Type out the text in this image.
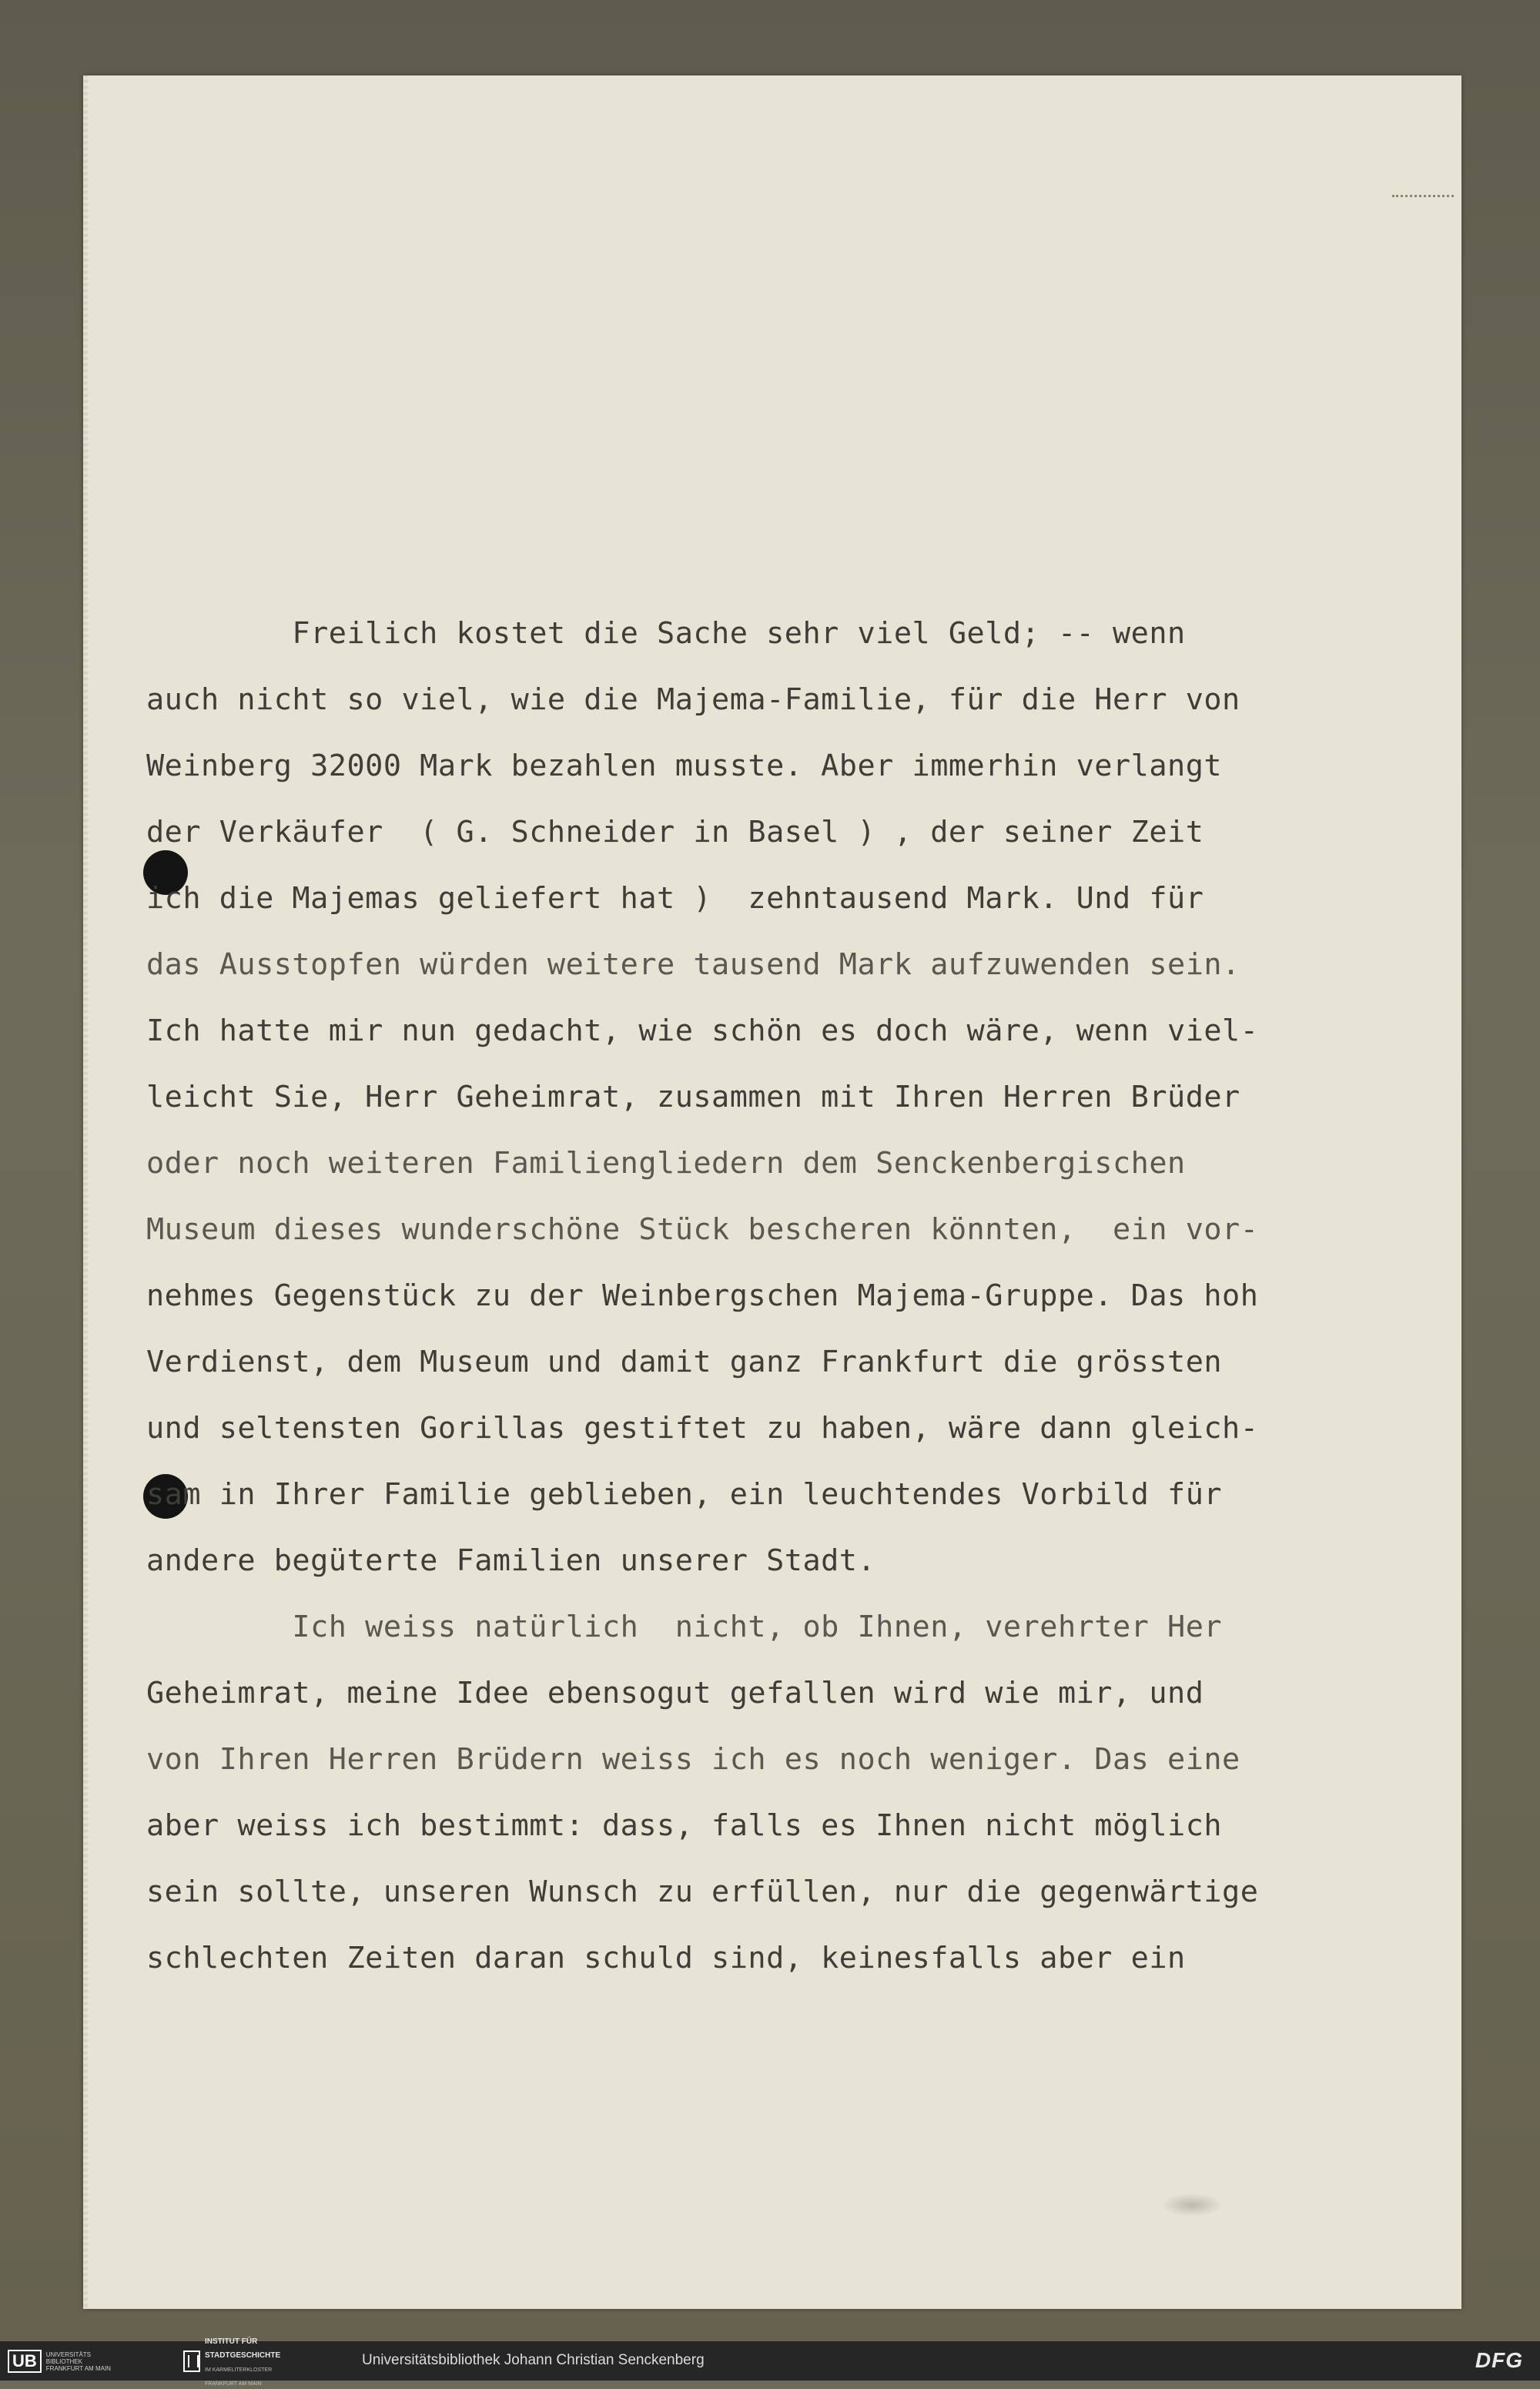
Freilich kostet die Sache sehr viel Geld; -- wenn
auch nicht so viel, wie die Majema-Familie, für die Herr von
Weinberg 32000 Mark bezahlen musste. Aber immerhin verlangt
der Verkäufer  ( G. Schneider in Basel ) , der seiner Zeit
ich die Majemas geliefert hat )  zehntausend Mark. Und für
das Ausstopfen würden weitere tausend Mark aufzuwenden sein.
Ich hatte mir nun gedacht, wie schön es doch wäre, wenn viel-
leicht Sie, Herr Geheimrat, zusammen mit Ihren Herren Brüder
oder noch weiteren Familiengliedern dem Senckenbergischen
Museum dieses wunderschöne Stück bescheren könnten,  ein vor-
nehmes Gegenstück zu der Weinbergschen Majema-Gruppe. Das hoh
Verdienst, dem Museum und damit ganz Frankfurt die grössten
und seltensten Gorillas gestiftet zu haben, wäre dann gleich-
sam in Ihrer Familie geblieben, ein leuchtendes Vorbild für
andere begüterte Familien unserer Stadt.
Ich weiss natürlich  nicht, ob Ihnen, verehrter Her
Geheimrat, meine Idee ebensogut gefallen wird wie mir, und
von Ihren Herren Brüdern weiss ich es noch weniger. Das eine
aber weiss ich bestimmt: dass, falls es Ihnen nicht möglich
sein sollte, unseren Wunsch zu erfüllen, nur die gegenwärtige
schlechten Zeiten daran schuld sind, keinesfalls aber ein
UB	UNIVERSITÄTS
BIBLIOTHEK
FRANKFURT AM MAIN
INSTITUT FÜR
STADTGESCHICHTE
IM KARMELITERKLOSTER
FRANKFURT AM MAIN
Universitätsbibliothek Johann Christian Senckenberg	DFG
